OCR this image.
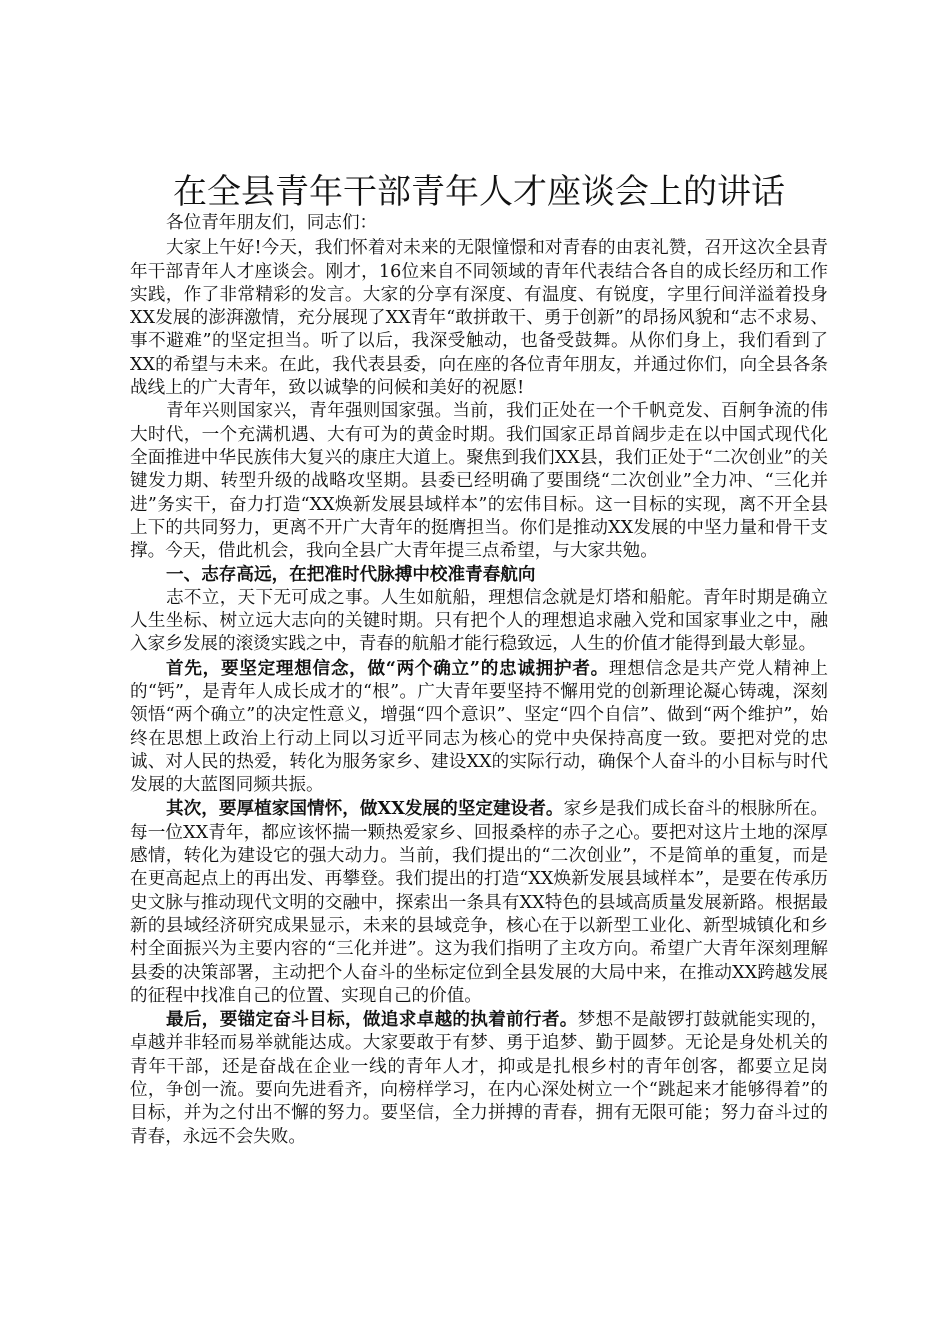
在全县青年干部青年人才座谈会上的讲话

各位青年朋友们，同志们：

大家上午好!今天，我们怀着对未来的无限憧憬和对青春的由衷礼赞，召开这次全县青年干部青年人才座谈会。刚才，16位来自不同领域的青年代表结合各自的成长经历和工作实践，作了非常精彩的发言。大家的分享有深度、有温度、有锐度，字里行间洋溢着投身XX发展的澎湃激情，充分展现了XX青年“敢拼敢干、勇于创新”的昂扬风貌和“志不求易、事不避难”的坚定担当。听了以后，我深受触动，也备受鼓舞。从你们身上，我们看到了XX的希望与未来。在此，我代表县委，向在座的各位青年朋友，并通过你们，向全县各条战线上的广大青年，致以诚挚的问候和美好的祝愿!

青年兴则国家兴，青年强则国家强。当前，我们正处在一个千帆竞发、百舸争流的伟大时代，一个充满机遇、大有可为的黄金时期。我们国家正昂首阔步走在以中国式现代化全面推进中华民族伟大复兴的康庄大道上。聚焦到我们XX县，我们正处于“二次创业”的关键发力期、转型升级的战略攻坚期。县委已经明确了要围绕“二次创业”全力冲、“三化并进”务实干，奋力打造“XX焕新发展县域样本”的宏伟目标。这一目标的实现，离不开全县上下的共同努力，更离不开广大青年的挺膺担当。你们是推动XX发展的中坚力量和骨干支撑。今天，借此机会，我向全县广大青年提三点希望，与大家共勉。

一、志存高远，在把准时代脉搏中校准青春航向

志不立，天下无可成之事。人生如航船，理想信念就是灯塔和船舵。青年时期是确立人生坐标、树立远大志向的关键时期。只有把个人的理想追求融入党和国家事业之中，融入家乡发展的滚烫实践之中，青春的航船才能行稳致远，人生的价值才能得到最大彰显。

首先，要坚定理想信念，做“两个确立”的忠诚拥护者。理想信念是共产党人精神上的“钙”，是青年人成长成才的“根”。广大青年要坚持不懈用党的创新理论凝心铸魂，深刻领悟“两个确立”的决定性意义，增强“四个意识”、坚定“四个自信”、做到“两个维护”，始终在思想上政治上行动上同以习近平同志为核心的党中央保持高度一致。要把对党的忠诚、对人民的热爱，转化为服务家乡、建设XX的实际行动，确保个人奋斗的小目标与时代发展的大蓝图同频共振。

其次，要厚植家国情怀，做XX发展的坚定建设者。家乡是我们成长奋斗的根脉所在。每一位XX青年，都应该怀揣一颗热爱家乡、回报桑梓的赤子之心。要把对这片土地的深厚感情，转化为建设它的强大动力。当前，我们提出的“二次创业”，不是简单的重复，而是在更高起点上的再出发、再攀登。我们提出的打造“XX焕新发展县域样本”，是要在传承历史文脉与推动现代文明的交融中，探索出一条具有XX特色的县域高质量发展新路。根据最新的县域经济研究成果显示，未来的县域竞争，核心在于以新型工业化、新型城镇化和乡村全面振兴为主要内容的“三化并进”。这为我们指明了主攻方向。希望广大青年深刻理解县委的决策部署，主动把个人奋斗的坐标定位到全县发展的大局中来，在推动XX跨越发展的征程中找准自己的位置、实现自己的价值。

最后，要锚定奋斗目标，做追求卓越的执着前行者。梦想不是敲锣打鼓就能实现的，卓越并非轻而易举就能达成。大家要敢于有梦、勇于追梦、勤于圆梦。无论是身处机关的青年干部，还是奋战在企业一线的青年人才，抑或是扎根乡村的青年创客，都要立足岗位，争创一流。要向先进看齐，向榜样学习，在内心深处树立一个“跳起来才能够得着”的目标，并为之付出不懈的努力。要坚信，全力拼搏的青春，拥有无限可能；努力奋斗过的青春，永远不会失败。
